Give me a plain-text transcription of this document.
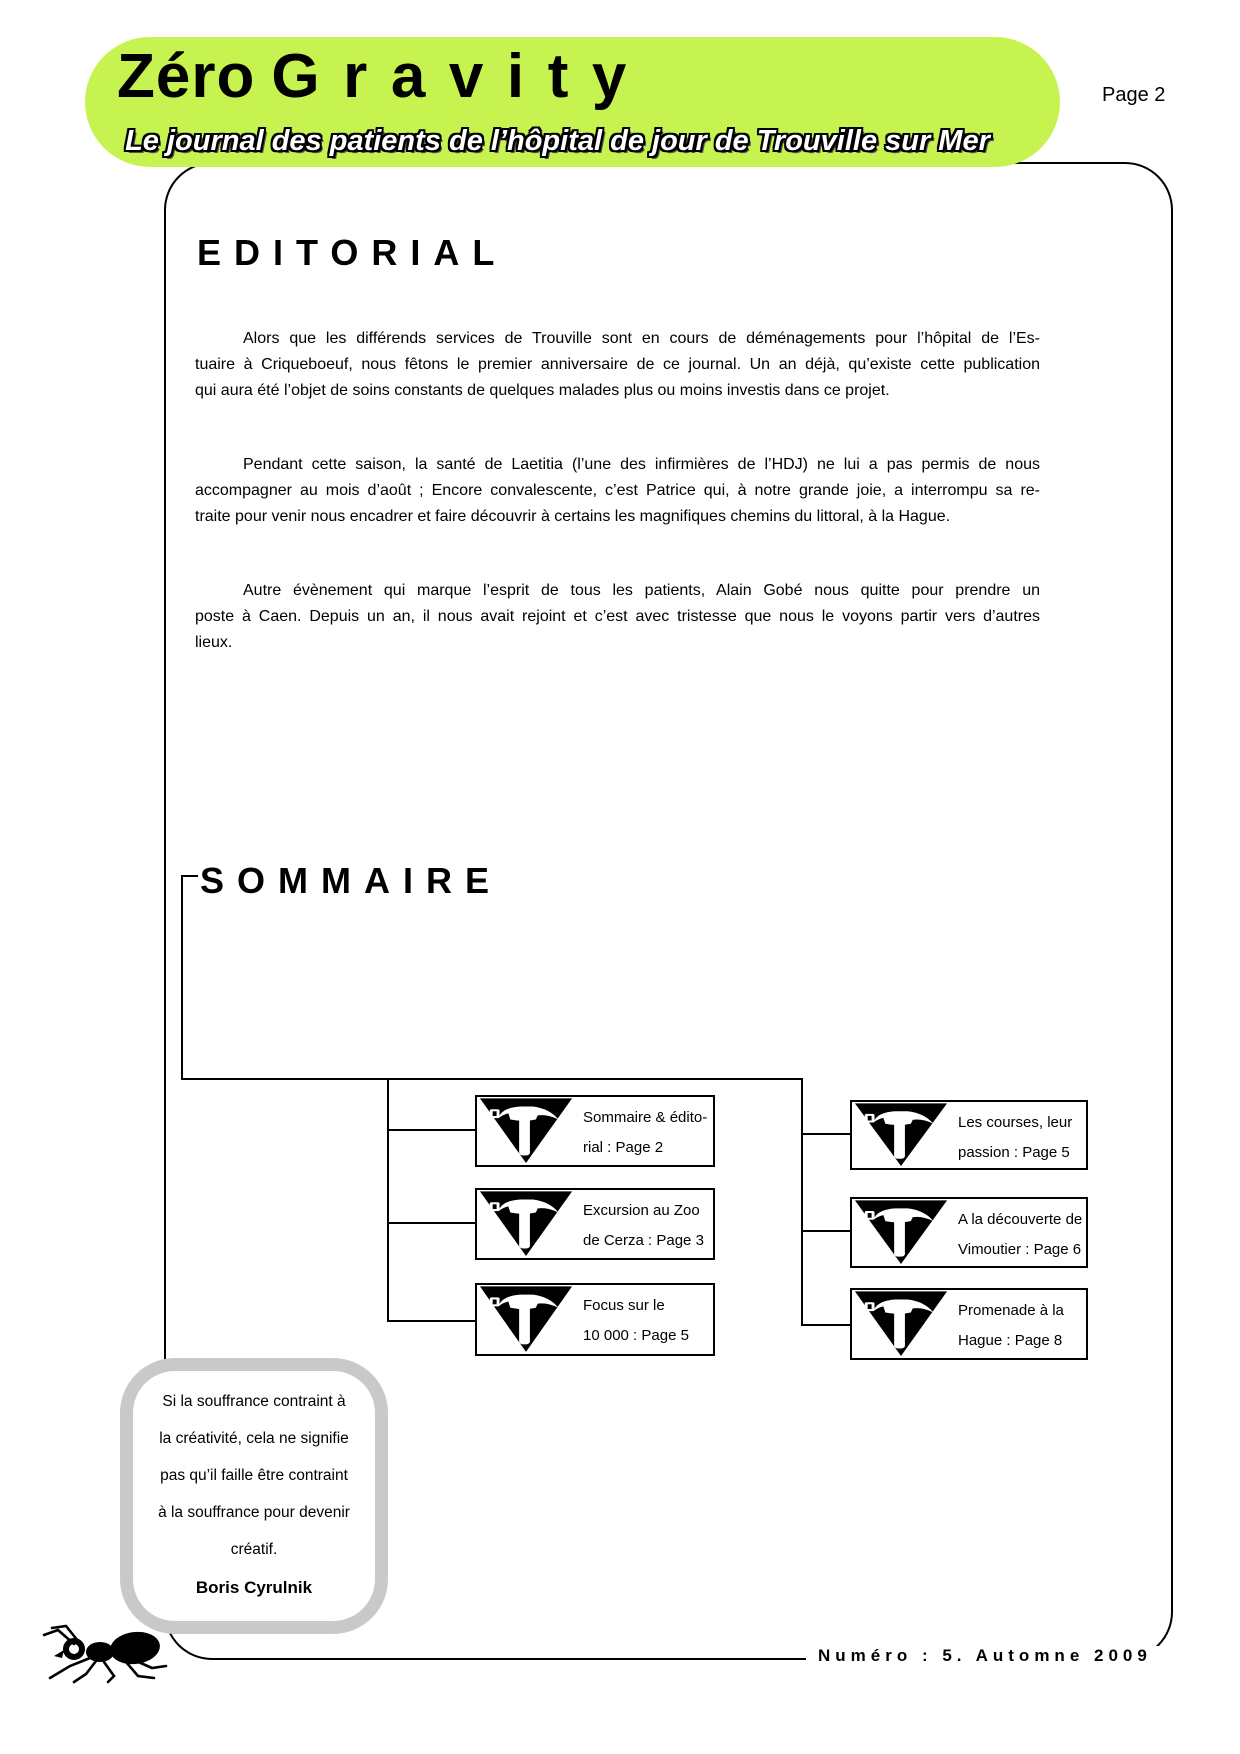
Zéro Gravity
Le journal des patients de l’hôpital de jour de Trouville sur Mer
Page 2
EDITORIAL
Alors que les différends services de Trouville sont en cours de déménagements pour l’hôpital de l’Es-
tuaire à Criqueboeuf, nous fêtons le premier anniversaire de ce journal. Un an déjà, qu’existe cette publication
qui aura été l’objet de soins constants de quelques malades plus ou moins investis dans ce projet.
Pendant cette saison, la santé de Laetitia (l’une des infirmières de l’HDJ) ne lui a pas permis de nous
accompagner au mois d’août ; Encore convalescente, c’est Patrice qui, à notre grande joie, a interrompu sa re-
traite pour venir nous encadrer et faire découvrir à certains les magnifiques chemins du littoral, à la Hague.
Autre évènement qui marque l’esprit de tous les patients, Alain Gobé nous quitte pour prendre un
poste à Caen. Depuis un an, il nous avait rejoint et c’est avec tristesse que nous le voyons partir vers d’autres
lieux.
SOMMAIRE
Sommaire & édito-
rial : Page 2
Excursion au Zoo
de Cerza : Page 3
Focus sur le
10 000 : Page 5
Les courses, leur
passion : Page 5
A la découverte de
Vimoutier : Page 6
Promenade à la
Hague : Page 8
Si la souffrance contraint à
la créativité, cela ne signifie
pas qu’il faille être contraint
à la souffrance pour devenir
créatif.
Boris Cyrulnik
Numéro : 5. Automne 2009
